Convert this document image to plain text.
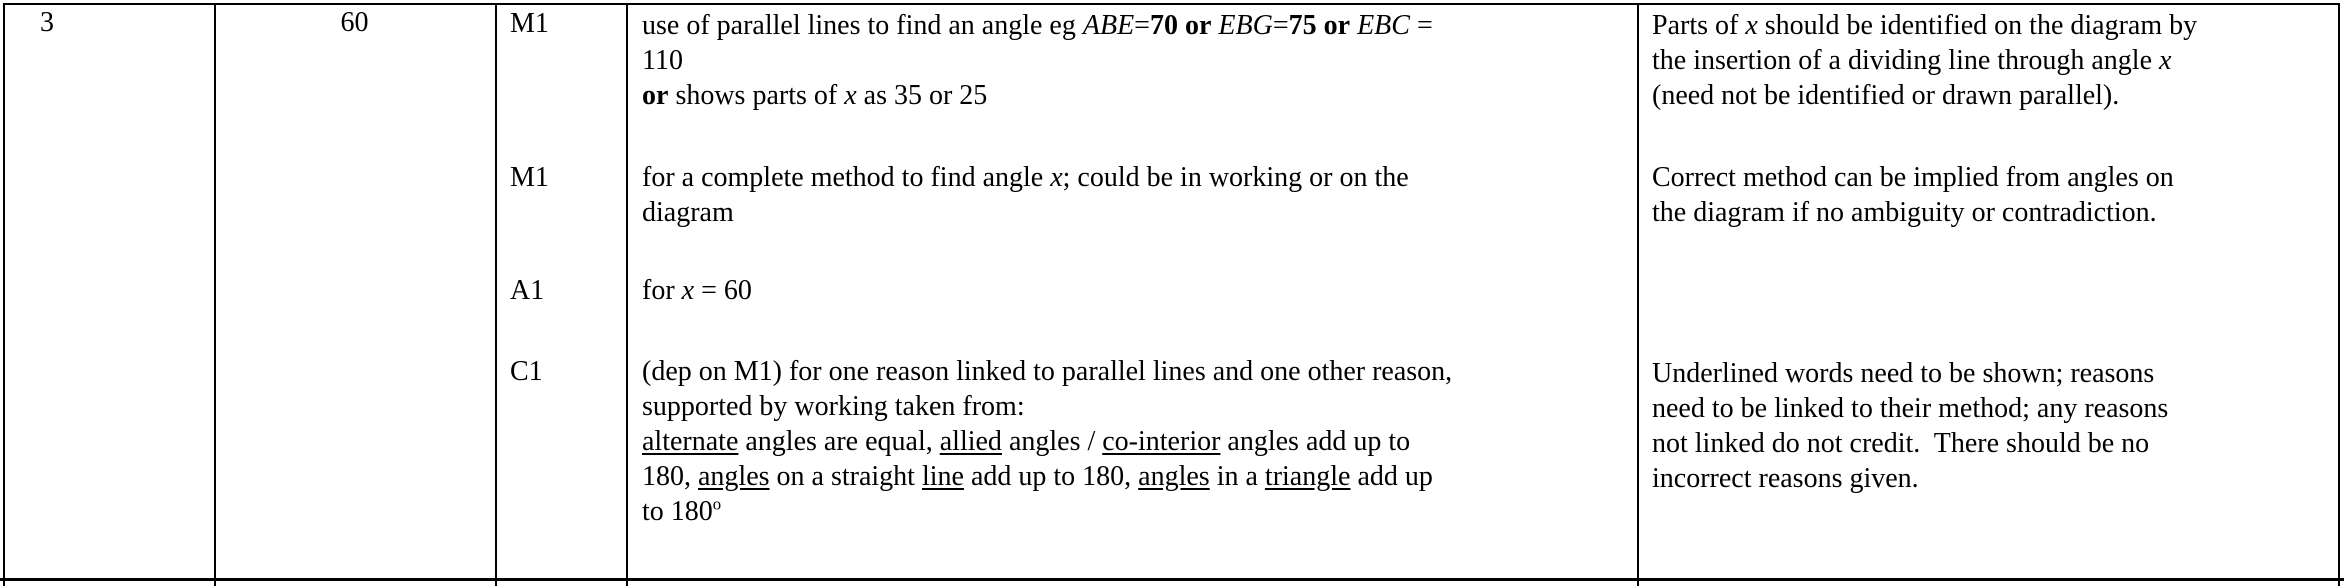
3	60	M1
M1
A1
C1
use of parallel lines to find an angle eg ABE=70 or EBG=75 or EBC =
110
or shows parts of x as 35 or 25
for a complete method to find angle x; could be in working or on the
diagram
for x = 60
(dep on M1) for one reason linked to parallel lines and one other reason,
supported by working taken from:
alternate angles are equal, allied angles / co-interior angles add up to
180, angles on a straight line add up to 180, angles in a triangle add up
to 180$^o$
Parts of x should be identified on the diagram by
the insertion of a dividing line through angle x
(need not be identified or drawn parallel).
Correct method can be implied from angles on
the diagram if no ambiguity or contradiction.
Underlined words need to be shown; reasons
need to be linked to their method; any reasons
not linked do not credit.  There should be no
incorrect reasons given.
